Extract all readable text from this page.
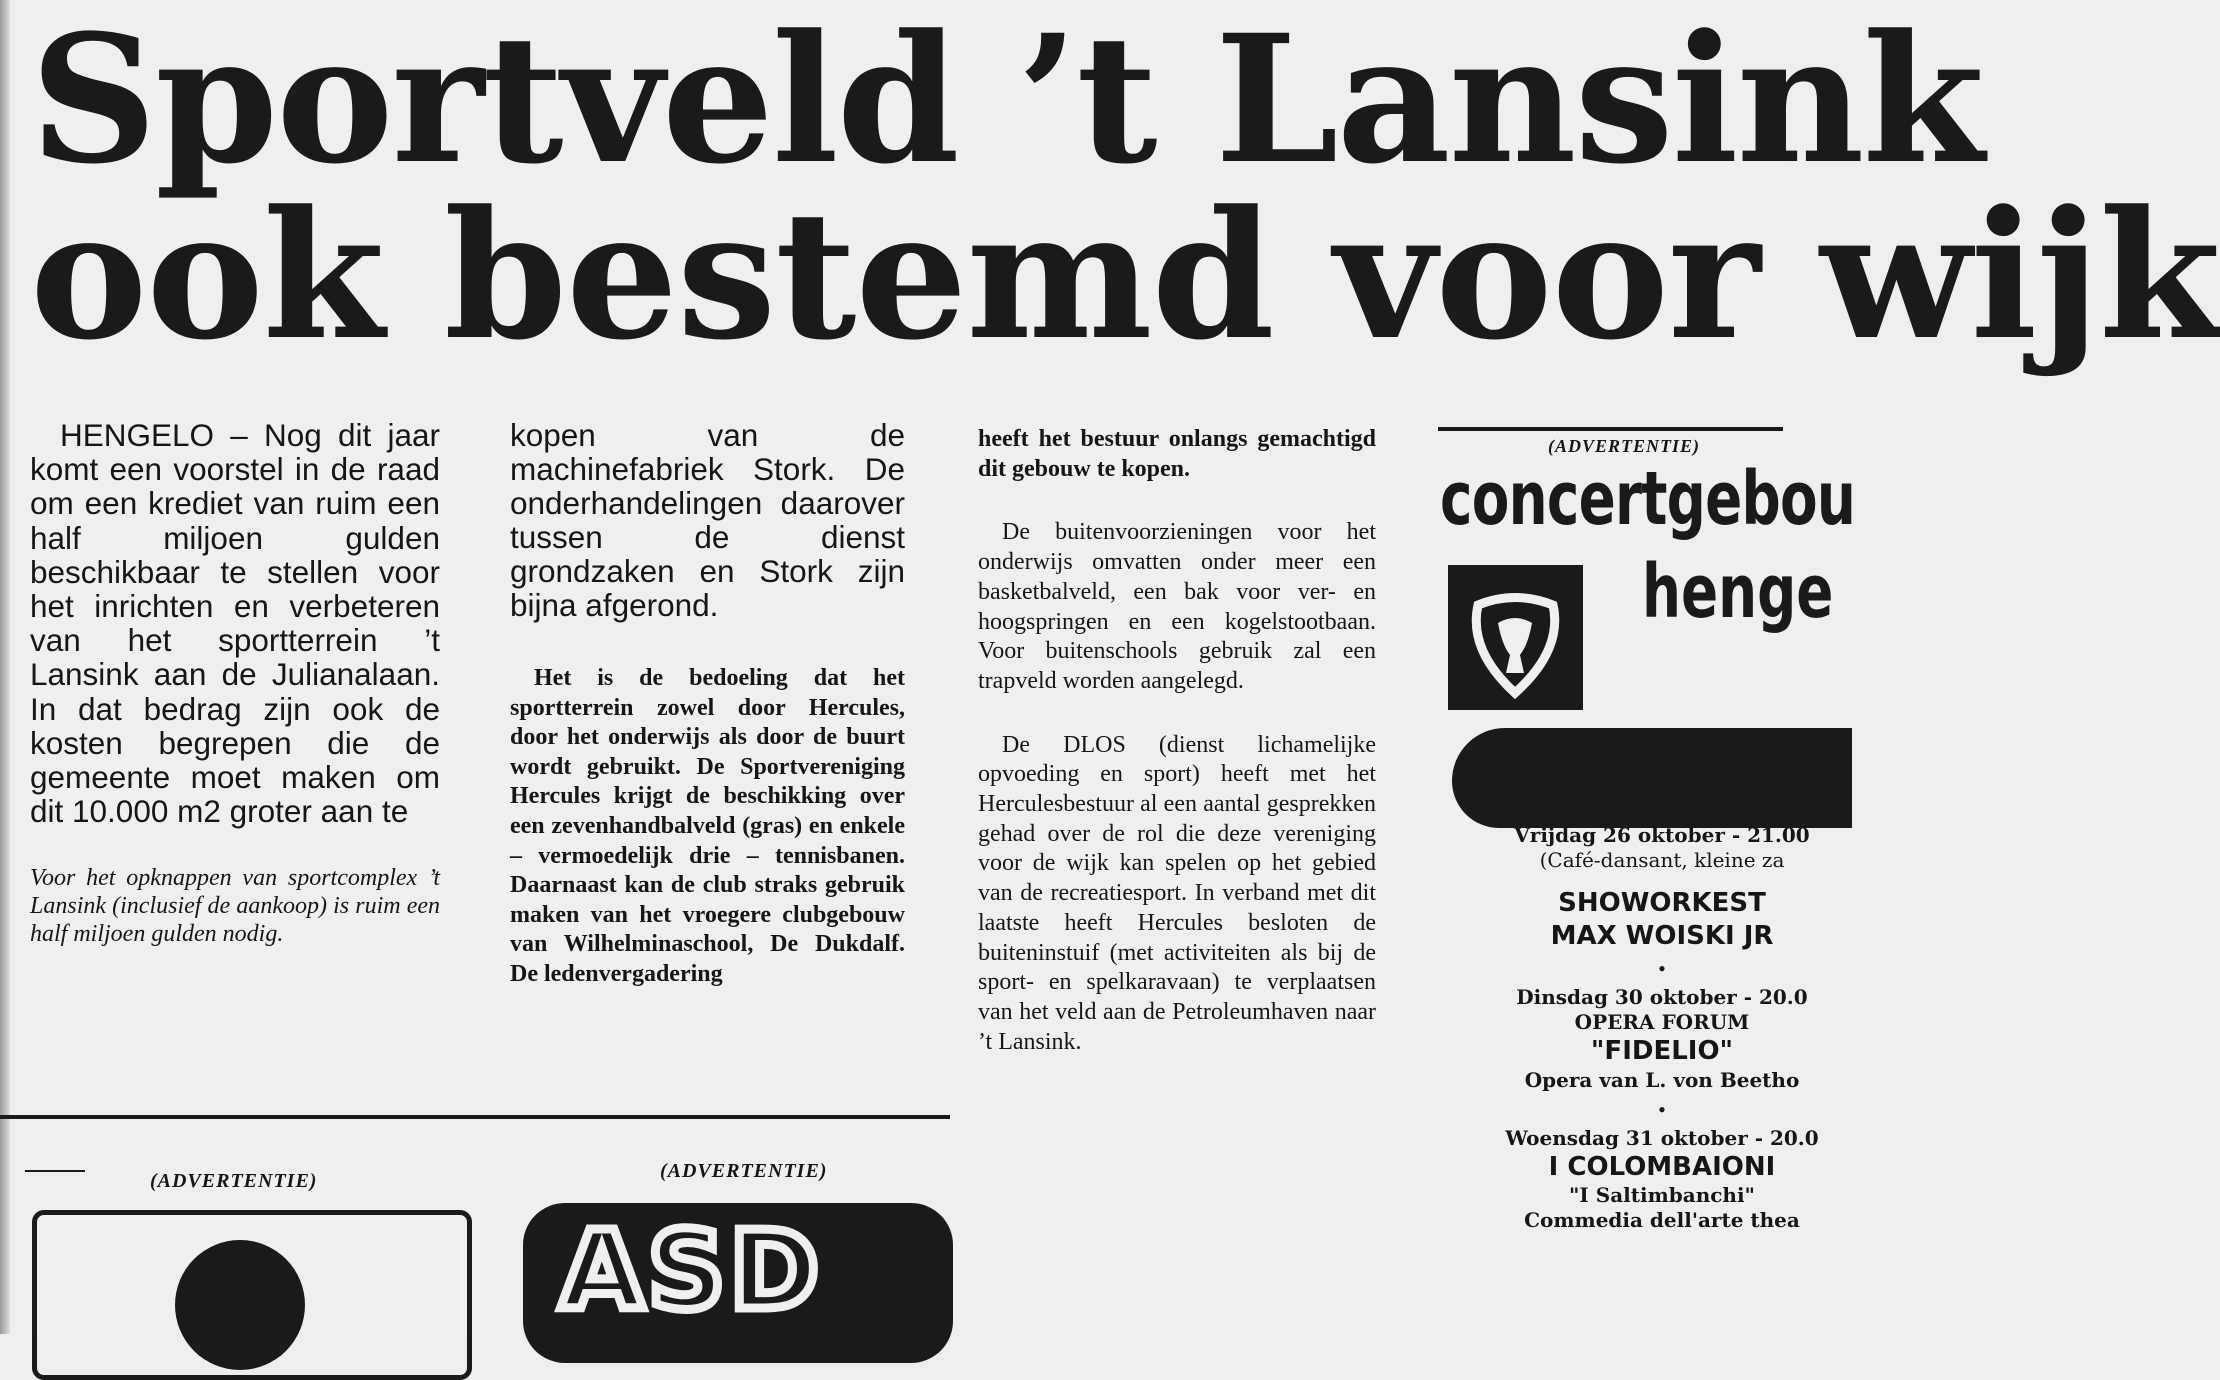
Sportveld ’t Lansink
ook bestemd voor wijk

HENGELO – Nog dit jaar komt een voorstel in de raad om een krediet van ruim een half miljoen gulden beschikbaar te stellen voor het inrichten en verbeteren van het sportterrein ’t Lansink aan de Julianalaan. In dat bedrag zijn ook de kosten begrepen die de gemeente moet maken om dit 10.000 m2 groter aan te

Voor het opknappen van sportcomplex ’t Lansink (inclusief de aankoop) is ruim een half miljoen gulden nodig.

kopen van de machinefabriek Stork. De onderhandelingen daarover tussen de dienst grondzaken en Stork zijn bijna afgerond.

Het is de bedoeling dat het sportterrein zowel door Hercules, door het onderwijs als door de buurt wordt gebruikt. De Sportvereniging Hercules krijgt de beschikking over een zevenhandbalveld (gras) en enkele – vermoedelijk drie – tennisbanen. Daarnaast kan de club straks gebruik maken van het vroegere clubgebouw van Wilhelminaschool, De Dukdalf. De ledenvergadering

heeft het bestuur onlangs gemachtigd dit gebouw te kopen.

De buitenvoorzieningen voor het onderwijs omvatten onder meer een basketbalveld, een bak voor ver- en hoogspringen en een kogelstootbaan. Voor buitenschools gebruik zal een trapveld worden aangelegd.

De DLOS (dienst lichamelijke opvoeding en sport) heeft met het Herculesbestuur al een aantal gesprekken gehad over de rol die deze vereniging voor de wijk kan spelen op het gebied van de recreatiesport. In verband met dit laatste heeft Hercules besloten de buiteninstuif (met activiteiten als bij de sport- en spelkaravaan) te verplaatsen van het veld aan de Petroleumhaven naar ’t Lansink.

(ADVERTENTIE)	(ADVERTENTIE)

ASD

(ADVERTENTIE)

concertgebou

henge

Vrijdag 26 oktober - 21.00
(Café-dansant, kleine za
SHOWORKEST
MAX WOISKI JR
•
Dinsdag 30 oktober - 20.0
OPERA FORUM
"FIDELIO"
Opera van L. von Beetho
•
Woensdag 31 oktober - 20.0
I COLOMBAIONI
"I Saltimbanchi"
Commedia dell'arte thea
